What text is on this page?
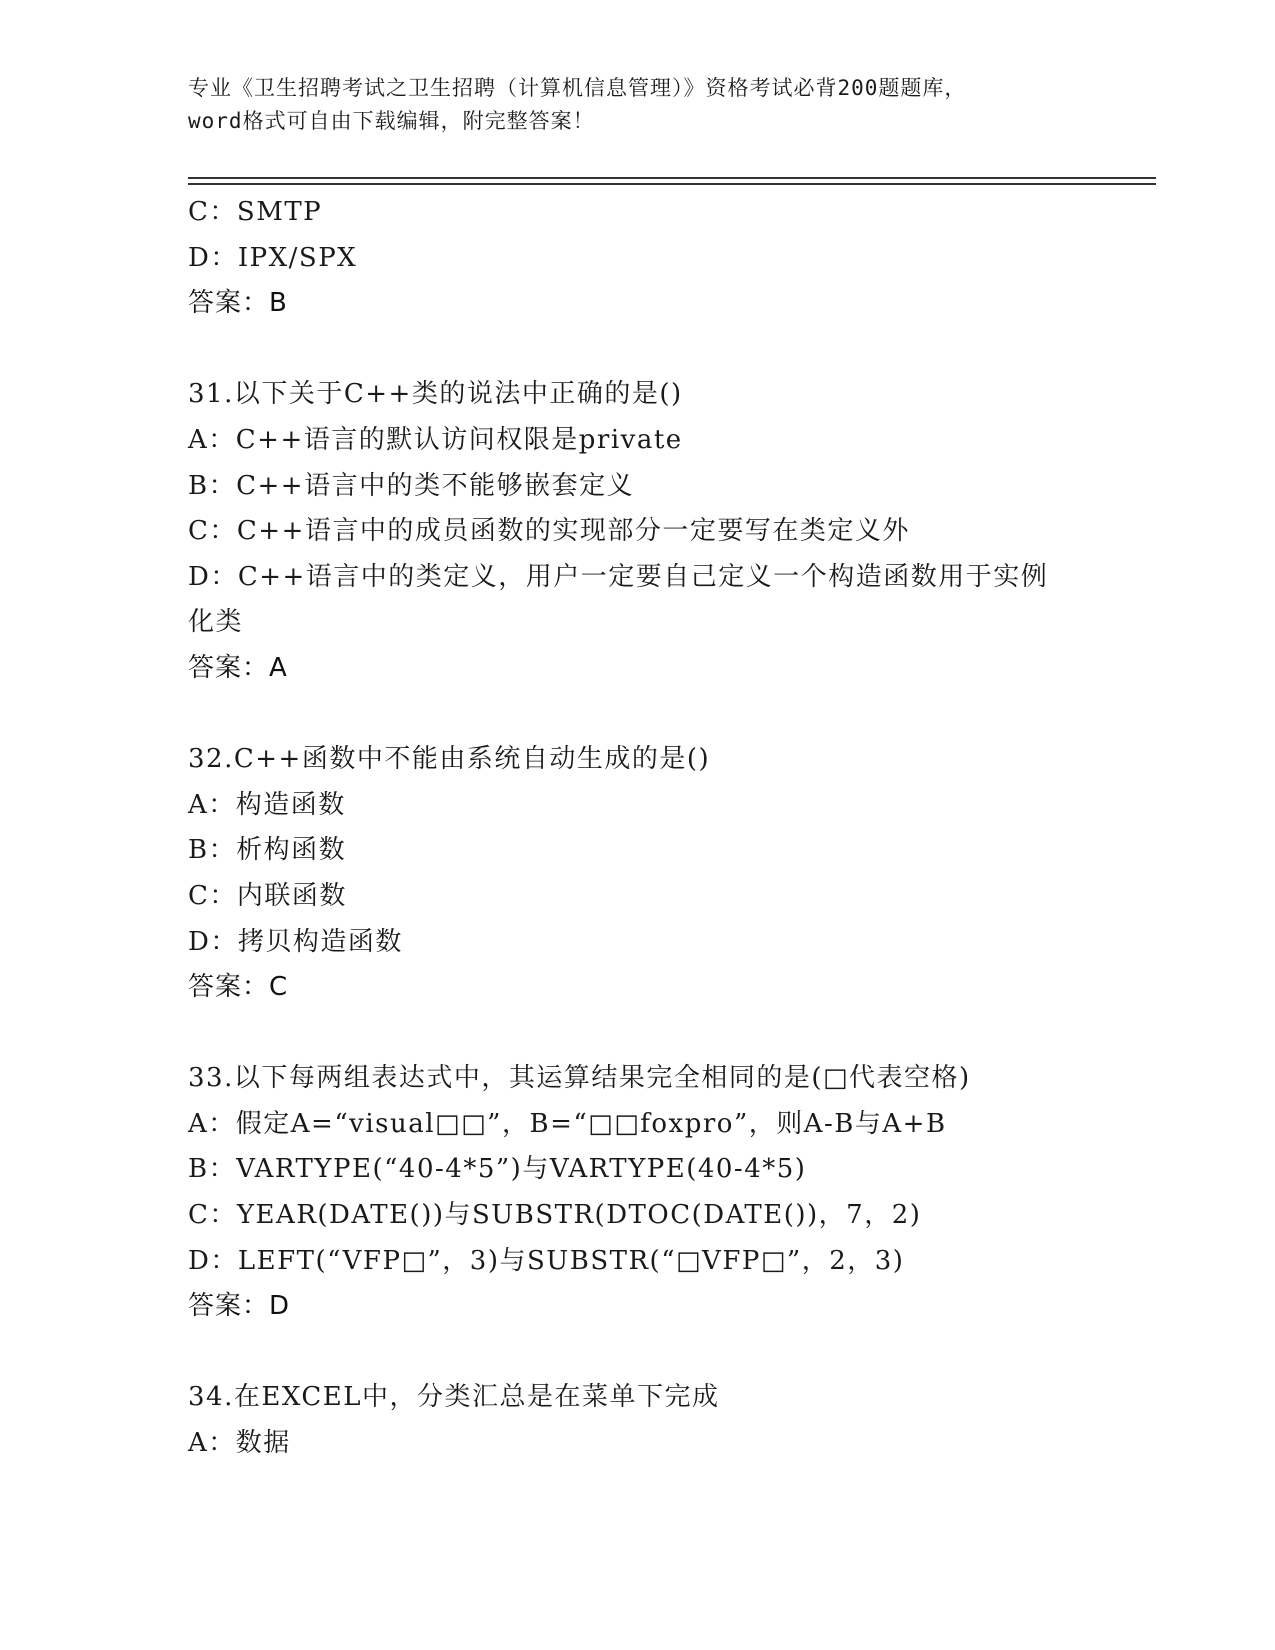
专业《卫生招聘考试之卫生招聘（计算机信息管理）》资格考试必背200题题库，
word格式可自由下载编辑，附完整答案！
C：SMTP
D：IPX/SPX
答案：B
31.以下关于C++类的说法中正确的是()
A：C++语言的默认访问权限是private
B：C++语言中的类不能够嵌套定义
C：C++语言中的成员函数的实现部分一定要写在类定义外
D：C++语言中的类定义，用户一定要自己定义一个构造函数用于实例
化类
答案：A
32.C++函数中不能由系统自动生成的是()
A：构造函数
B：析构函数
C：内联函数
D：拷贝构造函数
答案：C
33.以下每两组表达式中，其运算结果完全相同的是(□代表空格)
A：假定A=“visual□□”，B=“□□foxpro”，则A-B与A+B
B：VARTYPE(“40-4*5”)与VARTYPE(40-4*5)
C：YEAR(DATE())与SUBSTR(DTOC(DATE())，7，2)
D：LEFT(“VFP□”，3)与SUBSTR(“□VFP□”，2，3)
答案：D
34.在EXCEL中，分类汇总是在菜单下完成
A：数据
